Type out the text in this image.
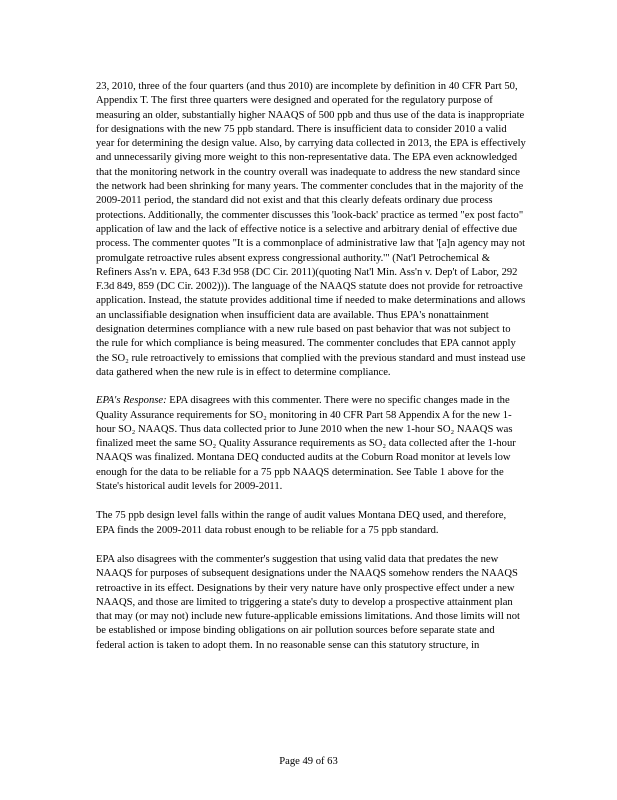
23, 2010, three of the four quarters (and thus 2010) are incomplete by definition in 40 CFR Part 50, Appendix T. The first three quarters were designed and operated for the regulatory purpose of measuring an older, substantially higher NAAQS of 500 ppb and thus use of the data is inappropriate for designations with the new 75 ppb standard. There is insufficient data to consider 2010 a valid year for determining the design value. Also, by carrying data collected in 2013, the EPA is effectively and unnecessarily giving more weight to this non-representative data. The EPA even acknowledged that the monitoring network in the country overall was inadequate to address the new standard since the network had been shrinking for many years. The commenter concludes that in the majority of the 2009-2011 period, the standard did not exist and that this clearly defeats ordinary due process protections. Additionally, the commenter discusses this 'look-back' practice as termed "ex post facto" application of law and the lack of effective notice is a selective and arbitrary denial of effective due process. The commenter quotes "It is a commonplace of administrative law that '[a]n agency may not promulgate retroactive rules absent express congressional authority.'" (Nat'l Petrochemical & Refiners Ass'n v. EPA, 643 F.3d 958 (DC Cir. 2011)(quoting Nat'l Min. Ass'n v. Dep't of Labor, 292 F.3d 849, 859 (DC Cir. 2002))). The language of the NAAQS statute does not provide for retroactive application. Instead, the statute provides additional time if needed to make determinations and allows an unclassifiable designation when insufficient data are available. Thus EPA's nonattainment designation determines compliance with a new rule based on past behavior that was not subject to the rule for which compliance is being measured. The commenter concludes that EPA cannot apply the SO₂ rule retroactively to emissions that complied with the previous standard and must instead use data gathered when the new rule is in effect to determine compliance.

EPA's Response: EPA disagrees with this commenter. There were no specific changes made in the Quality Assurance requirements for SO₂ monitoring in 40 CFR Part 58 Appendix A for the new 1-hour SO₂ NAAQS. Thus data collected prior to June 2010 when the new 1-hour SO₂ NAAQS was finalized meet the same SO₂ Quality Assurance requirements as SO₂ data collected after the 1-hour NAAQS was finalized. Montana DEQ conducted audits at the Coburn Road monitor at levels low enough for the data to be reliable for a 75 ppb NAAQS determination. See Table 1 above for the State's historical audit levels for 2009-2011.

The 75 ppb design level falls within the range of audit values Montana DEQ used, and therefore, EPA finds the 2009-2011 data robust enough to be reliable for a 75 ppb standard.

EPA also disagrees with the commenter's suggestion that using valid data that predates the new NAAQS for purposes of subsequent designations under the NAAQS somehow renders the NAAQS retroactive in its effect. Designations by their very nature have only prospective effect under a new NAAQS, and those are limited to triggering a state's duty to develop a prospective attainment plan that may (or may not) include new future-applicable emissions limitations. And those limits will not be established or impose binding obligations on air pollution sources before separate state and federal action is taken to adopt them. In no reasonable sense can this statutory structure, in

Page 49 of 63
